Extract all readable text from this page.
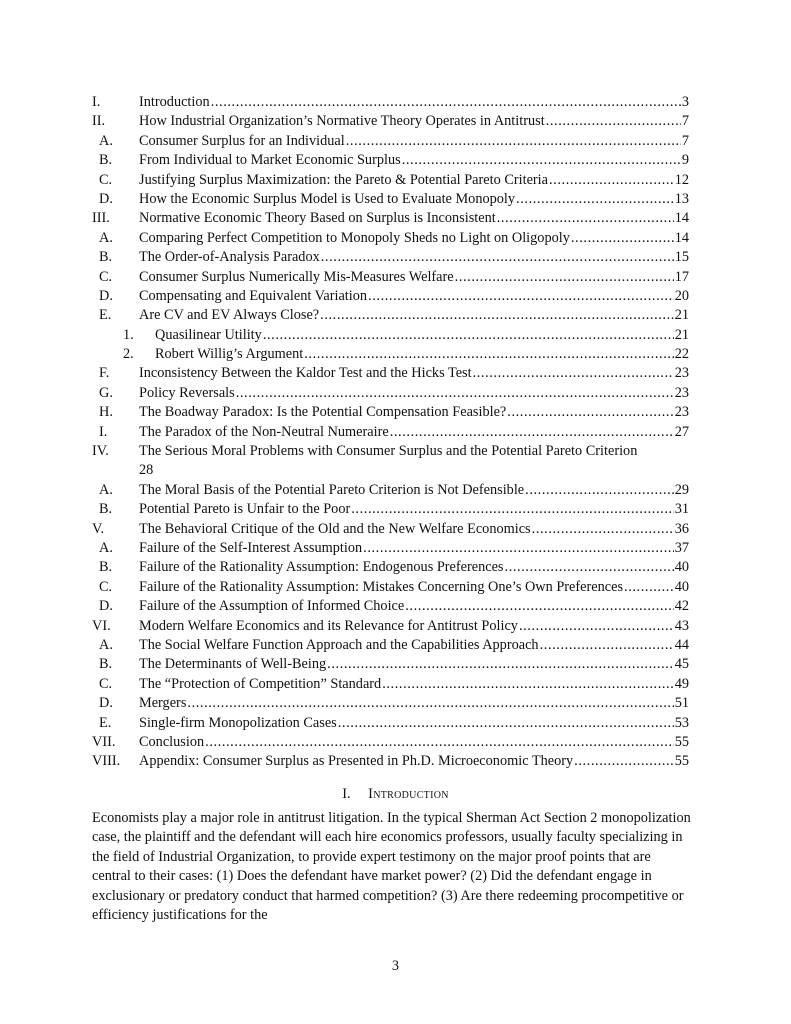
I.	Introduction .....	3
II. How Industrial Organization’s Normative Theory Operates in Antitrust .....	7
A. Consumer Surplus for an Individual .....	7
B. From Individual to Market Economic Surplus .....	9
C. Justifying Surplus Maximization: the Pareto & Potential Pareto Criteria .....	12
D. How the Economic Surplus Model is Used to Evaluate Monopoly .....	13
III. Normative Economic Theory Based on Surplus is Inconsistent .....	14
A. Comparing Perfect Competition to Monopoly Sheds no Light on Oligopoly .....	14
B. The Order-of-Analysis Paradox .....	15
C. Consumer Surplus Numerically Mis-Measures Welfare .....	17
D. Compensating and Equivalent Variation .....	20
E. Are CV and EV Always Close? .....	21
1. Quasilinear Utility .....	21
2. Robert Willig’s Argument .....	22
F. Inconsistency Between the Kaldor Test and the Hicks Test .....	23
G. Policy Reversals .....	23
H. The Boadway Paradox: Is the Potential Compensation Feasible? .....	23
I. The Paradox of the Non-Neutral Numeraire .....	27
IV. The Serious Moral Problems with Consumer Surplus and the Potential Pareto Criterion
28
A. The Moral Basis of the Potential Pareto Criterion is Not Defensible .....	29
B. Potential Pareto is Unfair to the Poor .....	31
V. The Behavioral Critique of the Old and the New Welfare Economics .....	36
A. Failure of the Self-Interest Assumption .....	37
B. Failure of the Rationality Assumption: Endogenous Preferences .....	40
C. Failure of the Rationality Assumption: Mistakes Concerning One’s Own Preferences .....	40
D. Failure of the Assumption of Informed Choice .....	42
VI. Modern Welfare Economics and its Relevance for Antitrust Policy .....	43
A. The Social Welfare Function Approach and the Capabilities Approach .....	44
B. The Determinants of Well-Being .....	45
C. The “Protection of Competition” Standard .....	49
D. Mergers .....	51
E. Single-firm Monopolization Cases .....	53
VII. Conclusion .....	55
VIII. Appendix: Consumer Surplus as Presented in Ph.D. Microeconomic Theory .....	55
I. Introduction
Economists play a major role in antitrust litigation. In the typical Sherman Act Section 2 monopolization case, the plaintiff and the defendant will each hire economics professors, usually faculty specializing in the field of Industrial Organization, to provide expert testimony on the major proof points that are central to their cases: (1) Does the defendant have market power? (2) Did the defendant engage in exclusionary or predatory conduct that harmed competition? (3) Are there redeeming procompetitive or efficiency justifications for the
3
